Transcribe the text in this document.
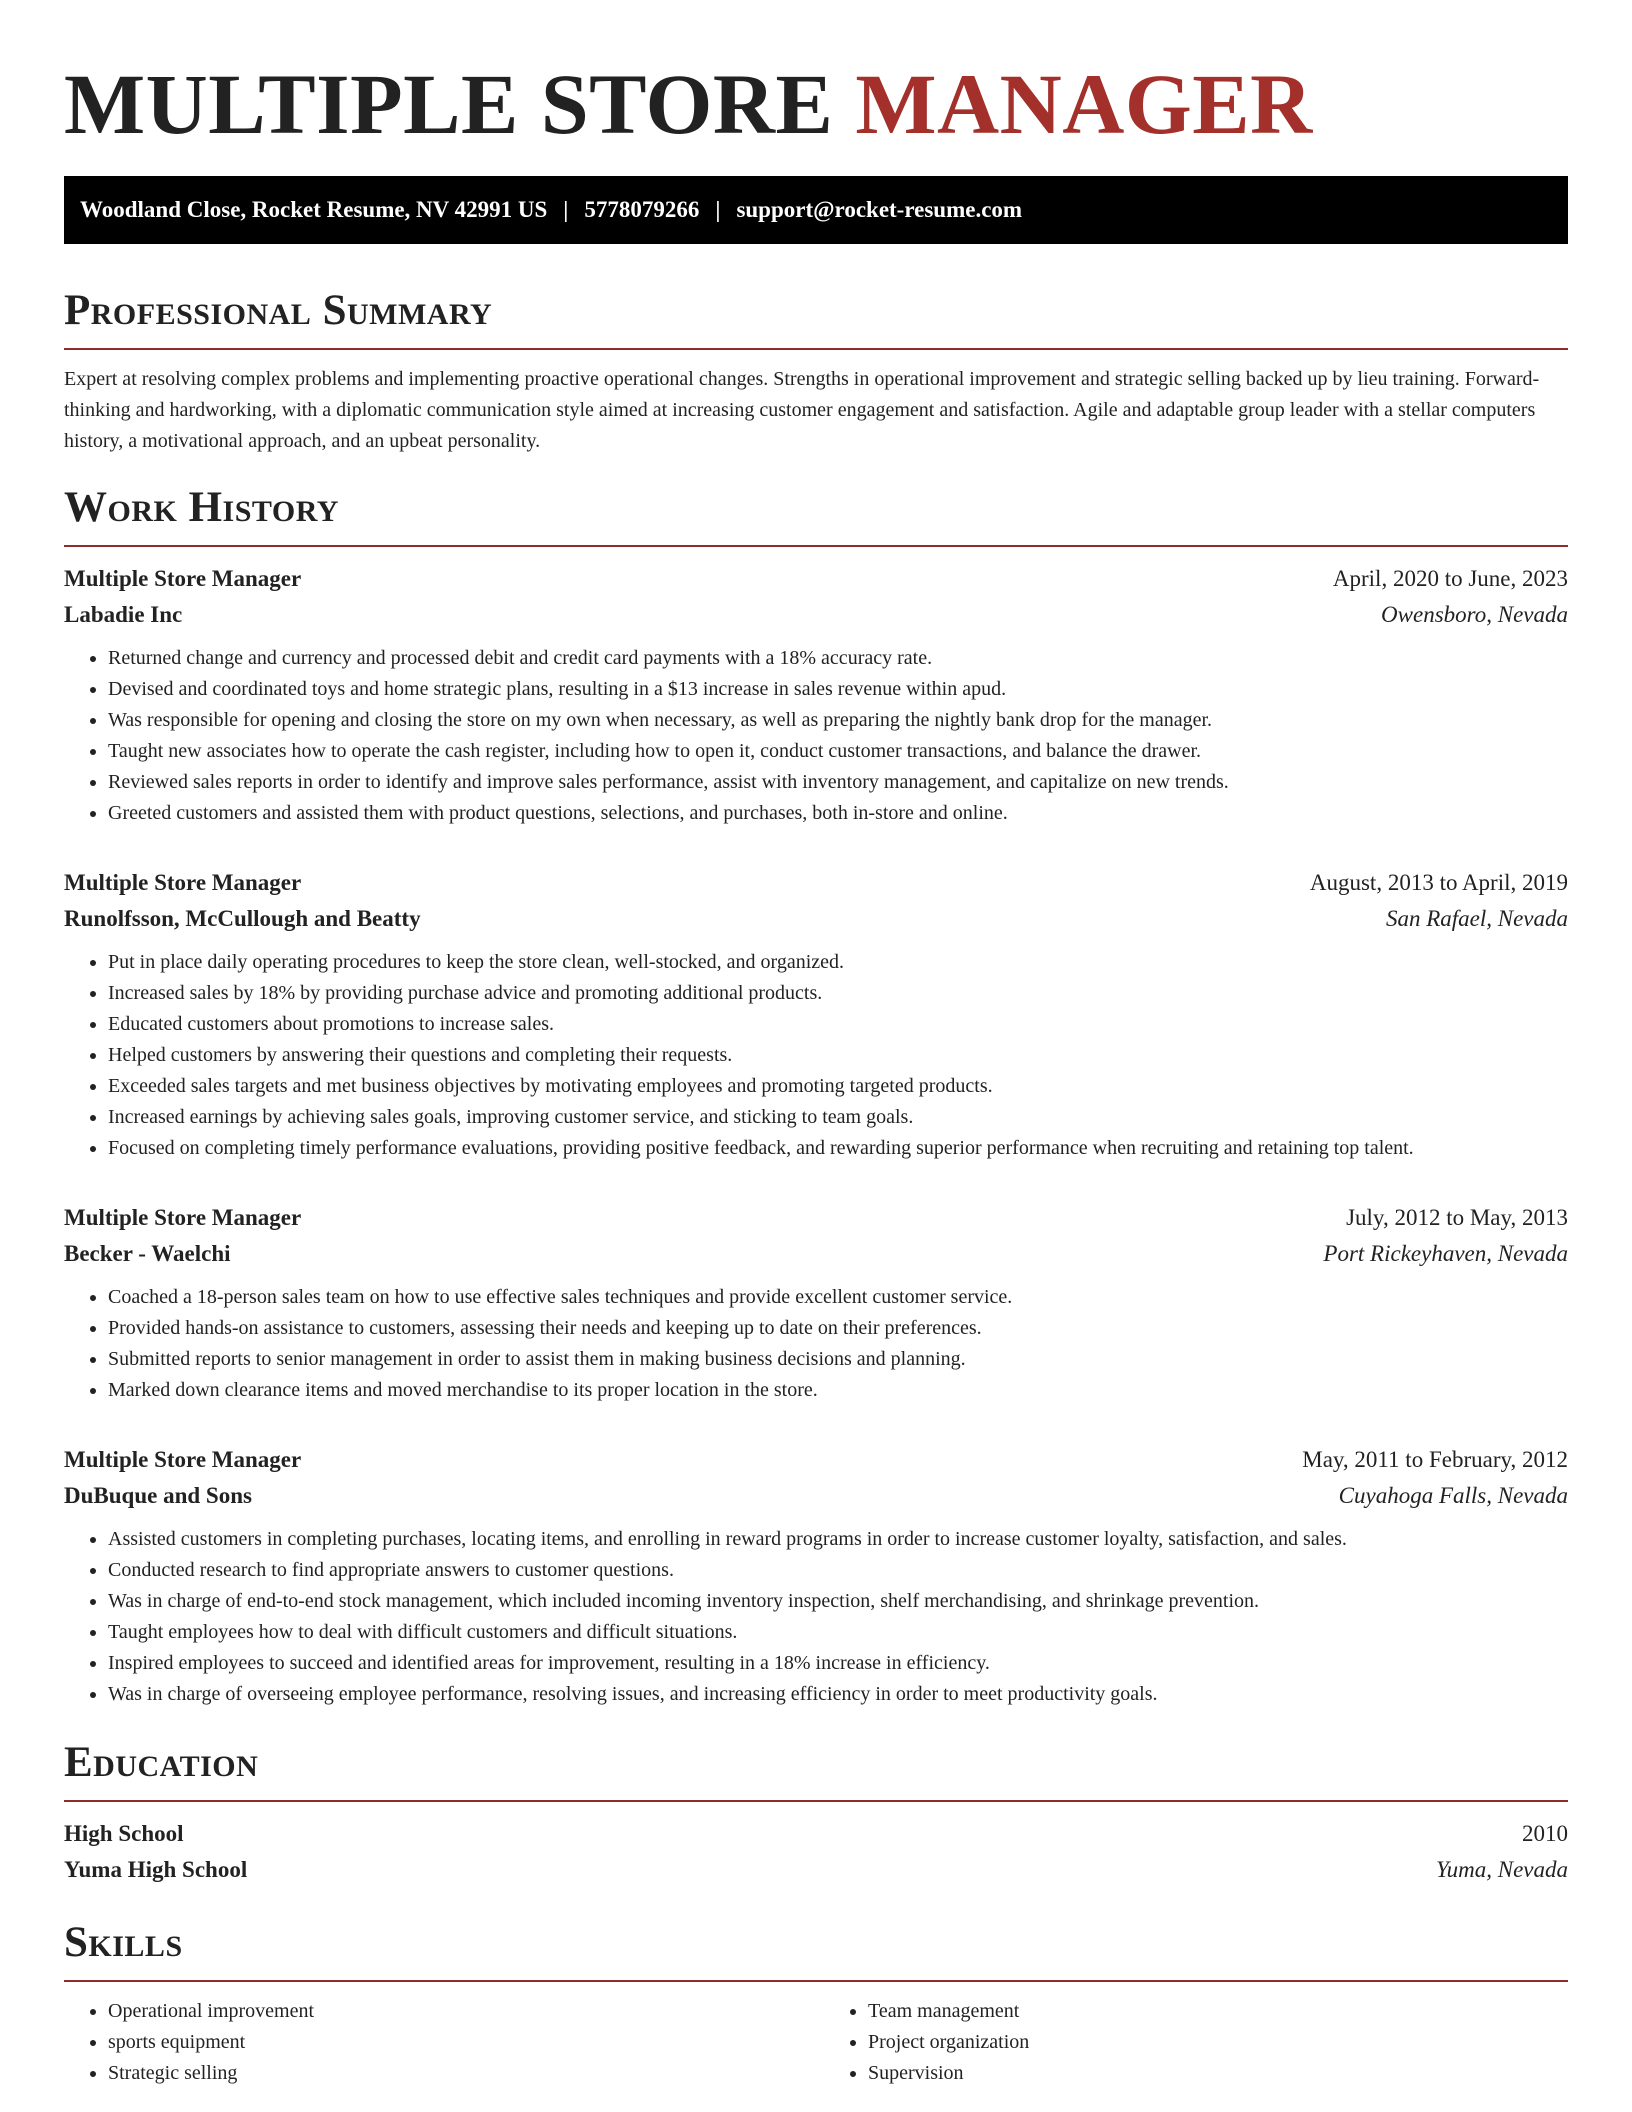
MULTIPLE STORE MANAGER
Woodland Close, Rocket Resume, NV 42991 US | 5778079266 | support@rocket-resume.com
Professional Summary

Expert at resolving complex problems and implementing proactive operational changes. Strengths in operational improvement and strategic selling backed up by lieu training. Forward-thinking and hardworking, with a diplomatic communication style aimed at increasing customer engagement and satisfaction. Agile and adaptable group leader with a stellar computers history, a motivational approach, and an upbeat personality.

Work History
Multiple Store Manager	April, 2020 to June, 2023
Labadie Inc	Owensboro, Nevada
• Returned change and currency and processed debit and credit card payments with a 18% accuracy rate.
• Devised and coordinated toys and home strategic plans, resulting in a $13 increase in sales revenue within apud.
• Was responsible for opening and closing the store on my own when necessary, as well as preparing the nightly bank drop for the manager.
• Taught new associates how to operate the cash register, including how to open it, conduct customer transactions, and balance the drawer.
• Reviewed sales reports in order to identify and improve sales performance, assist with inventory management, and capitalize on new trends.
• Greeted customers and assisted them with product questions, selections, and purchases, both in-store and online.
Multiple Store Manager	August, 2013 to April, 2019
Runolfsson, McCullough and Beatty	San Rafael, Nevada
• Put in place daily operating procedures to keep the store clean, well-stocked, and organized.
• Increased sales by 18% by providing purchase advice and promoting additional products.
• Educated customers about promotions to increase sales.
• Helped customers by answering their questions and completing their requests.
• Exceeded sales targets and met business objectives by motivating employees and promoting targeted products.
• Increased earnings by achieving sales goals, improving customer service, and sticking to team goals.
• Focused on completing timely performance evaluations, providing positive feedback, and rewarding superior performance when recruiting and retaining top talent.
Multiple Store Manager	July, 2012 to May, 2013
Becker - Waelchi	Port Rickeyhaven, Nevada
• Coached a 18-person sales team on how to use effective sales techniques and provide excellent customer service.
• Provided hands-on assistance to customers, assessing their needs and keeping up to date on their preferences.
• Submitted reports to senior management in order to assist them in making business decisions and planning.
• Marked down clearance items and moved merchandise to its proper location in the store.
Multiple Store Manager	May, 2011 to February, 2012
DuBuque and Sons	Cuyahoga Falls, Nevada
• Assisted customers in completing purchases, locating items, and enrolling in reward programs in order to increase customer loyalty, satisfaction, and sales.
• Conducted research to find appropriate answers to customer questions.
• Was in charge of end-to-end stock management, which included incoming inventory inspection, shelf merchandising, and shrinkage prevention.
• Taught employees how to deal with difficult customers and difficult situations.
• Inspired employees to succeed and identified areas for improvement, resulting in a 18% increase in efficiency.
• Was in charge of overseeing employee performance, resolving issues, and increasing efficiency in order to meet productivity goals.
Education
High School	2010
Yuma High School	Yuma, Nevada
Skills
• Operational improvement
• sports equipment
• Strategic selling
• Team management
• Project organization
• Supervision
